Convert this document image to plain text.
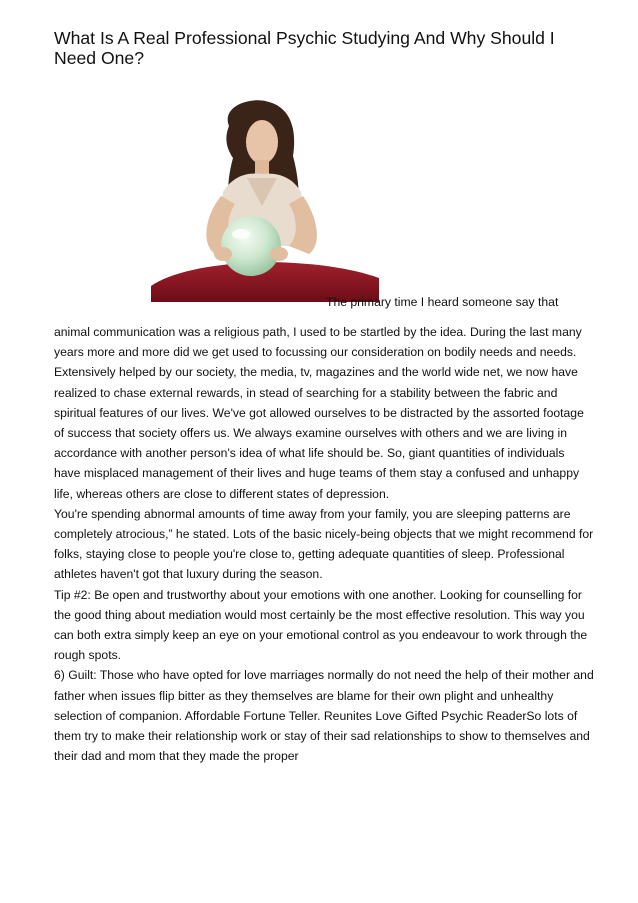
What Is A Real Professional Psychic Studying And Why Should I Need One?
The primary time I heard someone say that

animal communication was a religious path, I used to be startled by the idea. During the last many years more and more did we get used to focussing our consideration on bodily needs and needs. Extensively helped by our society, the media, tv, magazines and the world wide net, we now have realized to chase external rewards, in stead of searching for a stability between the fabric and spiritual features of our lives. We've got allowed ourselves to be distracted by the assorted footage of success that society offers us. We always examine ourselves with others and we are living in accordance with another person's idea of what life should be. So, giant quantities of individuals have misplaced management of their lives and huge teams of them stay a confused and unhappy life, whereas others are close to different states of depression.

You're spending abnormal amounts of time away from your family, you are sleeping patterns are completely atrocious,” he stated. Lots of the basic nicely-being objects that we might recommend for folks, staying close to people you're close to, getting adequate quantities of sleep. Professional athletes haven't got that luxury during the season.

Tip #2: Be open and trustworthy about your emotions with one another. Looking for counselling for the good thing about mediation would most certainly be the most effective resolution. This way you can both extra simply keep an eye on your emotional control as you endeavour to work through the rough spots.

6) Guilt: Those who have opted for love marriages normally do not need the help of their mother and father when issues flip bitter as they themselves are blame for their own plight and unhealthy selection of companion. Affordable Fortune Teller. Reunites Love Gifted Psychic ReaderSo lots of them try to make their relationship work or stay of their sad relationships to show to themselves and their dad and mom that they made the proper
